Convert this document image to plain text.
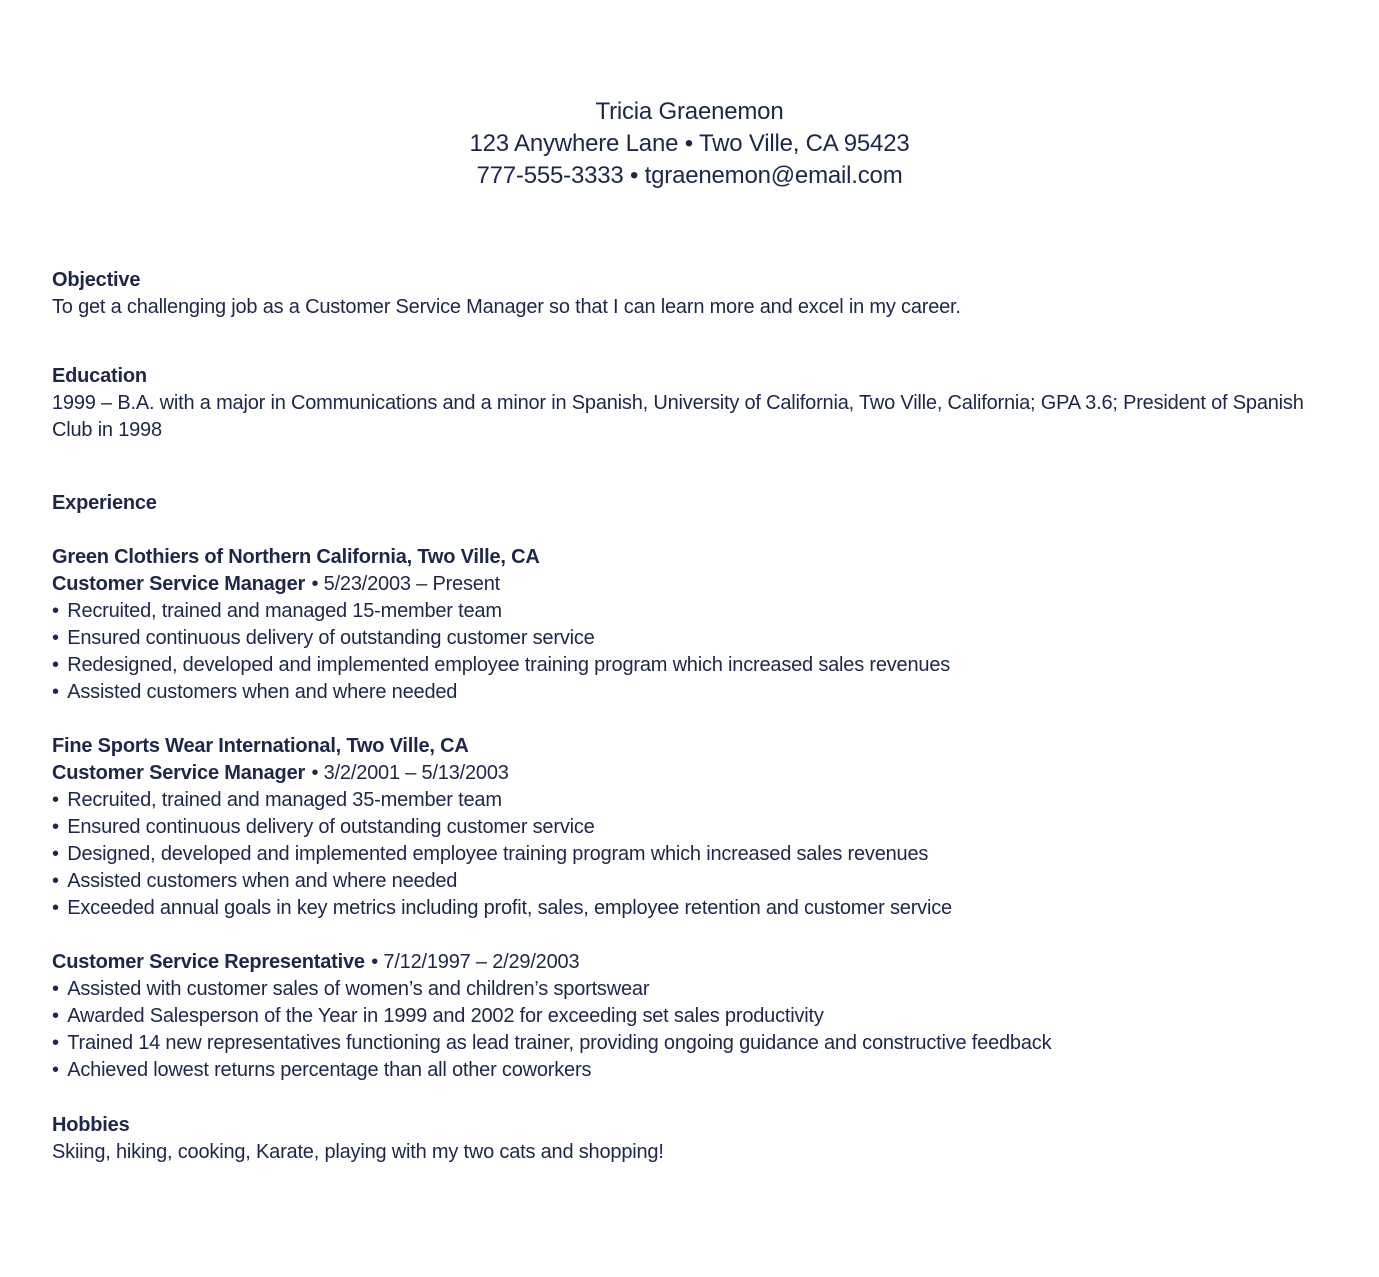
Tricia Graenemon
123 Anywhere Lane • Two Ville, CA 95423
777-555-3333 • tgraenemon@email.com
Objective
To get a challenging job as a Customer Service Manager so that I can learn more and excel in my career.
Education
1999 – B.A. with a major in Communications and a minor in Spanish, University of California, Two Ville, California; GPA 3.6; President of Spanish Club in 1998
Experience
Green Clothiers of Northern California, Two Ville, CA
Customer Service Manager • 5/23/2003 – Present
• Recruited, trained and managed 15-member team
• Ensured continuous delivery of outstanding customer service
• Redesigned, developed and implemented employee training program which increased sales revenues
• Assisted customers when and where needed
Fine Sports Wear International, Two Ville, CA
Customer Service Manager • 3/2/2001 – 5/13/2003
• Recruited, trained and managed 35-member team
• Ensured continuous delivery of outstanding customer service
• Designed, developed and implemented employee training program which increased sales revenues
• Assisted customers when and where needed
• Exceeded annual goals in key metrics including profit, sales, employee retention and customer service
Customer Service Representative • 7/12/1997 – 2/29/2003
• Assisted with customer sales of women’s and children’s sportswear
• Awarded Salesperson of the Year in 1999 and 2002 for exceeding set sales productivity
• Trained 14 new representatives functioning as lead trainer, providing ongoing guidance and constructive feedback
• Achieved lowest returns percentage than all other coworkers
Hobbies
Skiing, hiking, cooking, Karate, playing with my two cats and shopping!
